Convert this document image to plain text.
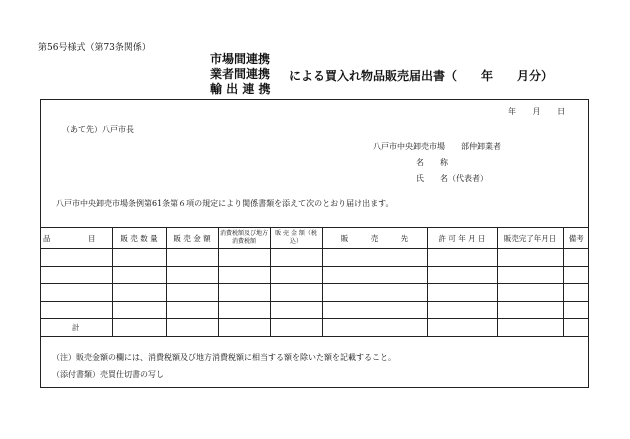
第56号様式（第73条関係）
市場間連携
業者間連携
輸 出 連 携
による買入れ物品販売届出書（　　年　　月分）
年 月 日
（あて先）八戸市長
八戸市中央卸売市場　　部仲卸業者
名　　称
氏　　名（代表者）
八戸市中央卸売市場条例第61条第６項の規定により関係書類を添えて次のとおり届け出ます。
品　　　　　目	販 売 数 量	販 売 金 額	消費税額及び地方消費税額	販 売 金 額（税 込）	販　　　売　　　先	許 可 年 月 日	販売完了年月日	備考

計								
（注）販売金額の欄には、消費税額及び地方消費税額に相当する額を除いた額を記載すること。
（添付書類）売買仕切書の写し
